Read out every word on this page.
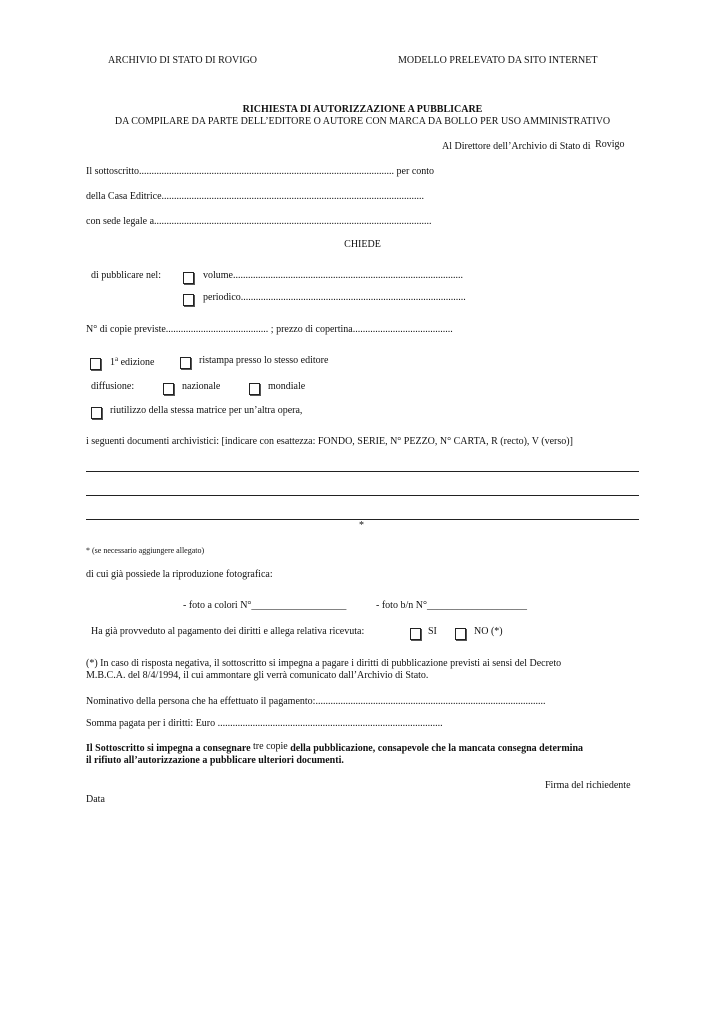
ARCHIVIO DI STATO DI ROVIGO	MODELLO PRELEVATO DA SITO INTERNET
RICHIESTA DI AUTORIZZAZIONE A PUBBLICARE
DA COMPILARE DA PARTE DELL’EDITORE O AUTORE CON MARCA DA BOLLO PER USO AMMINISTRATIVO
Al Direttore dell’Archivio di Stato di Rovigo
Il sottoscritto...................................................................................................... per conto
della Casa Editrice.........................................................................................................
con sede legale a...............................................................................................................
CHIEDE
di pubblicare nel:	volume............................................................................................
periodico..........................................................................................
N° di copie previste......................................... ; prezzo di copertina........................................
1$^a$ edizione	ristampa presso lo stesso editore
diffusione:	nazionale	mondiale
riutilizzo della stessa matrice per un’altra opera,
i seguenti documenti archivistici: [indicare con esattezza: FONDO, SERIE, N° PEZZO, N° CARTA, R (recto), V (verso)]
*
* (se necessario aggiungere allegato)
di cui già possiede la riproduzione fotografica:
- foto a colori N°___________________	- foto b/n N°____________________
Ha già provveduto al pagamento dei diritti e allega relativa ricevuta:	SI	NO (*)
(*) In caso di risposta negativa, il sottoscritto si impegna a pagare i diritti di pubblicazione previsti ai sensi del Decreto
M.B.C.A. del 8/4/1994, il cui ammontare gli verrà comunicato dall’Archivio di Stato.
Nominativo della persona che ha effettuato il pagamento:............................................................................................
Somma pagata per i diritti: Euro ..........................................................................................
Il Sottoscritto si impegna a consegnare tre copie della pubblicazione, consapevole che la mancata consegna determina
il rifiuto all’autorizzazione a pubblicare ulteriori documenti.
Firma del richiedente
Data
